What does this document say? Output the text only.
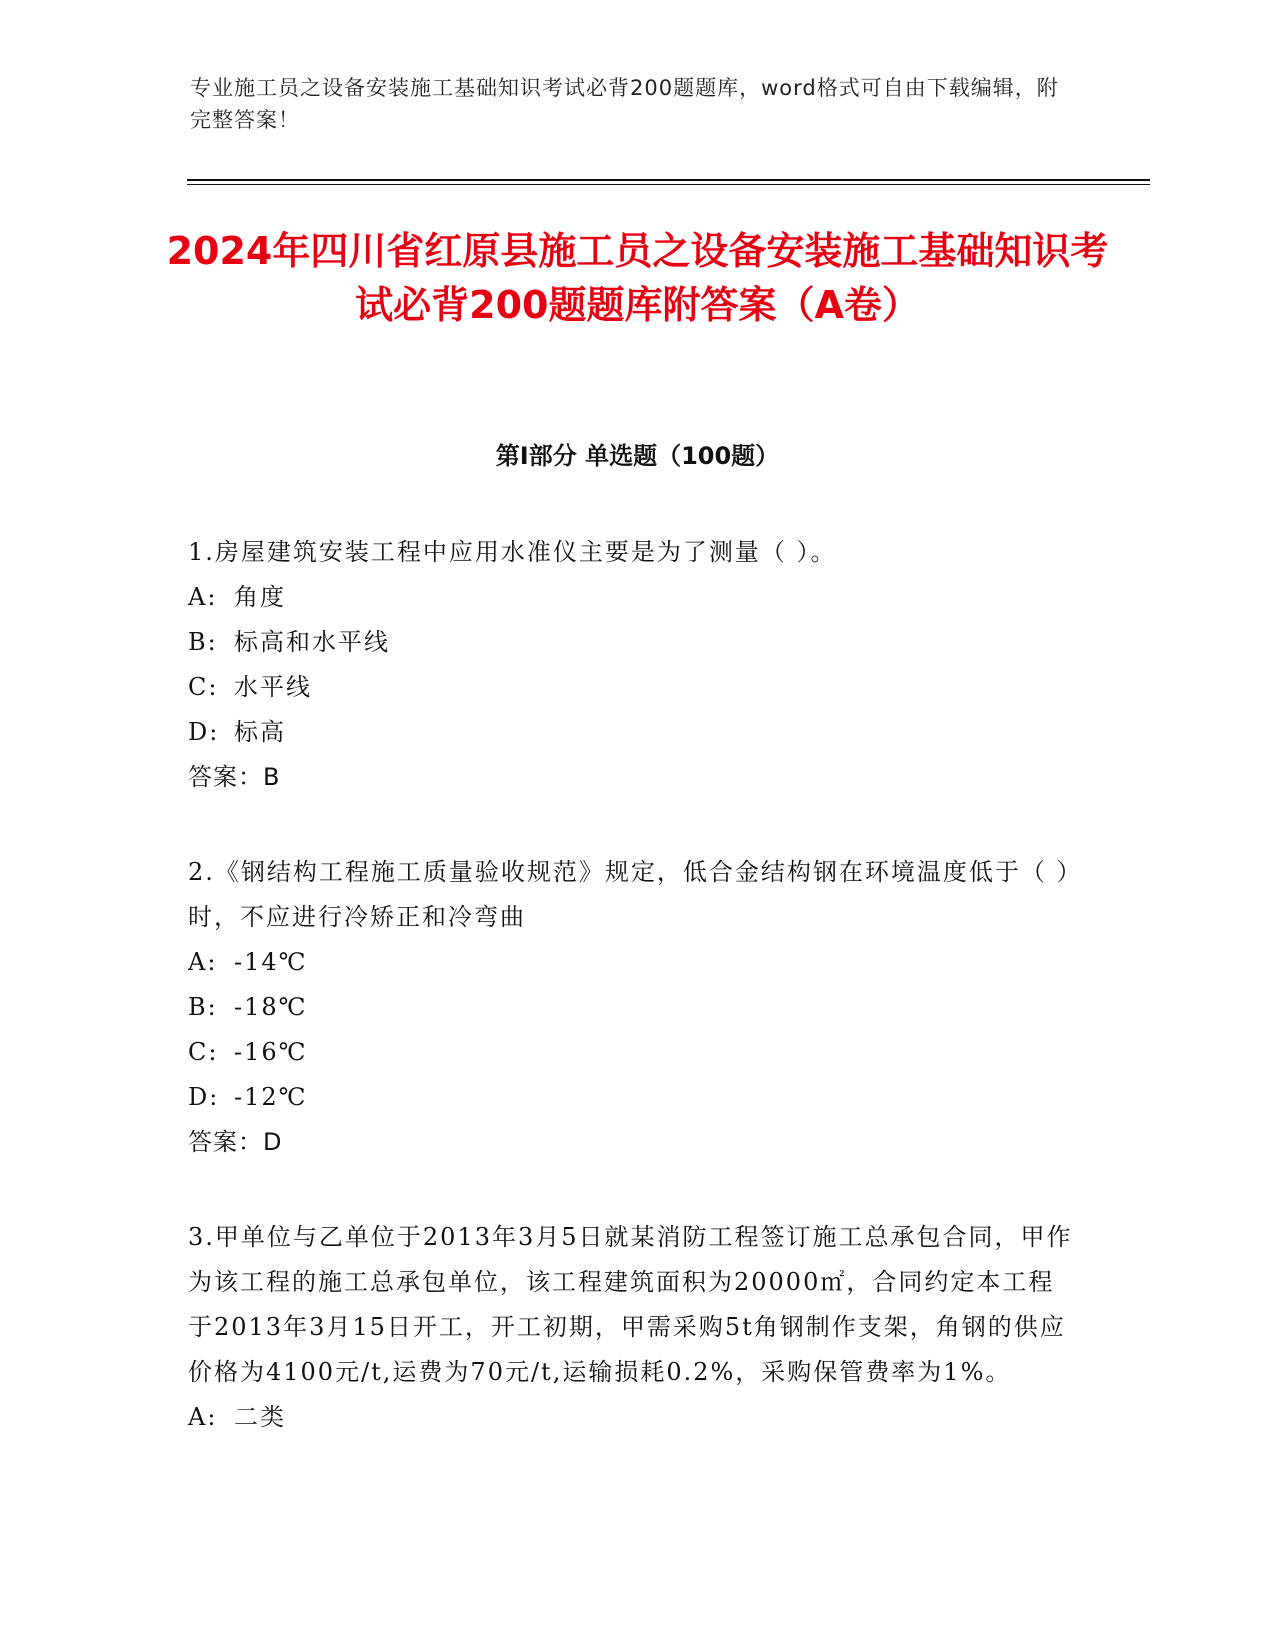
专业施工员之设备安装施工基础知识考试必背200题题库，word格式可自由下载编辑，附完整答案！
2024年四川省红原县施工员之设备安装施工基础知识考试必背200题题库附答案（A卷）
第I部分 单选题（100题）
1.房屋建筑安装工程中应用水准仪主要是为了测量（ ）。
A: 角度
B: 标高和水平线
C: 水平线
D: 标高
答案：B
2.《钢结构工程施工质量验收规范》规定，低合金结构钢在环境温度低于（ ）时，不应进行冷矫正和冷弯曲
A: -14℃
B: -18℃
C: -16℃
D: -12℃
答案：D
3.甲单位与乙单位于2013年3月5日就某消防工程签订施工总承包合同，甲作为该工程的施工总承包单位，该工程建筑面积为20000㎡，合同约定本工程于2013年3月15日开工，开工初期，甲需采购5t角钢制作支架，角钢的供应价格为4100元/t,运费为70元/t,运输损耗0.2%，采购保管费率为1%。
A: 二类
